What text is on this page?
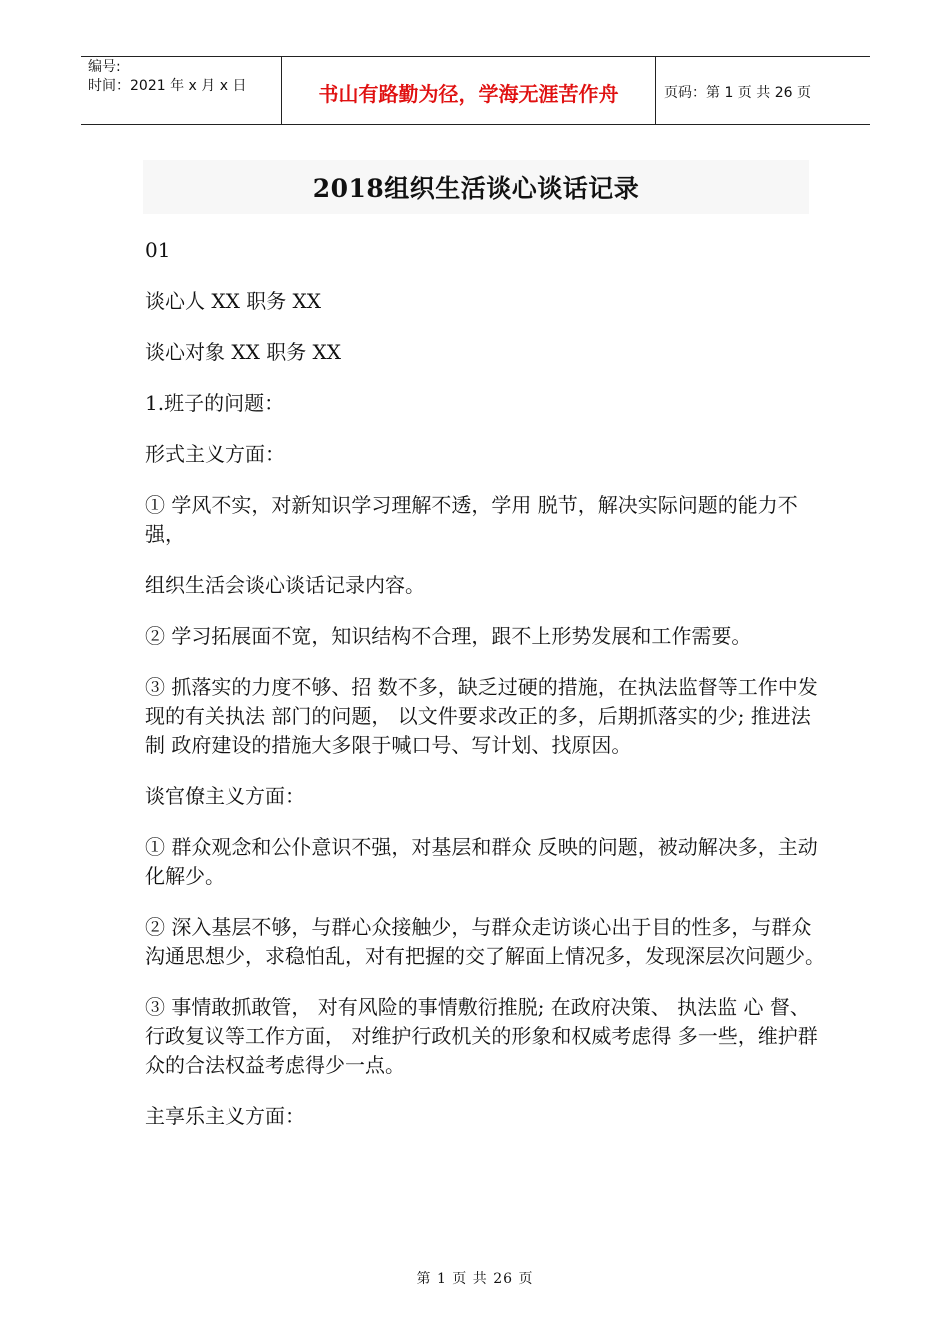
编号:
时间：2021 年 x 月 x 日	书山有路勤为径，学海无涯苦作舟	页码：第 1 页 共 26 页
2018组织生活谈心谈话记录

01

谈心人 XX 职务 XX

谈心对象 XX 职务 XX

1.班子的问题：

形式主义方面：

① 学风不实，对新知识学习理解不透，学用 脱节，解决实际问题的能力不强，

组织生活会谈心谈话记录内容。

② 学习拓展面不宽，知识结构不合理，跟不上形势发展和工作需要。

③ 抓落实的力度不够、招 数不多，缺乏过硬的措施，在执法监督等工作中发现的有关执法 部门的问题， 以文件要求改正的多，后期抓落实的少; 推进法制 政府建设的措施大多限于喊口号、写计划、找原因。

谈官僚主义方面：

① 群众观念和公仆意识不强，对基层和群众 反映的问题，被动解决多，主动化解少。

② 深入基层不够，与群心众接触少，与群众走访谈心出于目的性多，与群众沟通思想少，求稳怕乱，对有把握的交了解面上情况多，发现深层次问题少。

③ 事情敢抓敢管， 对有风险的事情敷衍推脱; 在政府决策、 执法监 心 督、 行政复议等工作方面， 对维护行政机关的形象和权威考虑得 多一些，维护群众的合法权益考虑得少一点。

主享乐主义方面：

第 1 页 共 26 页
